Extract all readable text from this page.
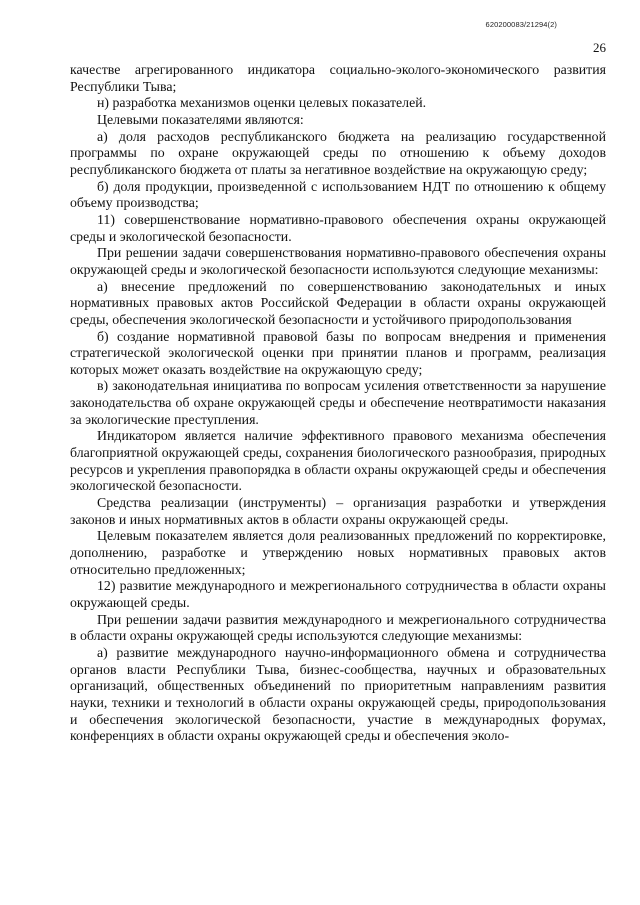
620200083/21294(2)
26

качестве агрегированного индикатора социально-эколого-экономического развития Республики Тыва;

н) разработка механизмов оценки целевых показателей.

Целевыми показателями являются:

а) доля расходов республиканского бюджета на реализацию государственной программы по охране окружающей среды по отношению к объему доходов республиканского бюджета от платы за негативное воздействие на окружающую среду;

б) доля продукции, произведенной с использованием НДТ по отношению к общему объему производства;

11) совершенствование нормативно-правового обеспечения охраны окружающей среды и экологической безопасности.

При решении задачи совершенствования нормативно-правового обеспечения охраны окружающей среды и экологической безопасности используются следующие механизмы:

а) внесение предложений по совершенствованию законодательных и иных нормативных правовых актов Российской Федерации в области охраны окружающей среды, обеспечения экологической безопасности и устойчивого природопользования

б) создание нормативной правовой базы по вопросам внедрения и применения стратегической экологической оценки при принятии планов и программ, реализация которых может оказать воздействие на окружающую среду;

в) законодательная инициатива по вопросам усиления ответственности за нарушение законодательства об охране окружающей среды и обеспечение неотвратимости наказания за экологические преступления.

Индикатором является наличие эффективного правового механизма обеспечения благоприятной окружающей среды, сохранения биологического разнообразия, природных ресурсов и укрепления правопорядка в области охраны окружающей среды и обеспечения экологической безопасности.

Средства реализации (инструменты) – организация разработки и утверждения законов и иных нормативных актов в области охраны окружающей среды.

Целевым показателем является доля реализованных предложений по корректировке, дополнению, разработке и утверждению новых нормативных правовых актов относительно предложенных;

12) развитие международного и межрегионального сотрудничества в области охраны окружающей среды.

При решении задачи развития международного и межрегионального сотрудничества в области охраны окружающей среды используются следующие механизмы:

а) развитие международного научно-информационного обмена и сотрудничества органов власти Республики Тыва, бизнес-сообщества, научных и образовательных организаций, общественных объединений по приоритетным направлениям развития науки, техники и технологий в области охраны окружающей среды, природопользования и обеспечения экологической безопасности, участие в международных форумах, конференциях в области охраны окружающей среды и обеспечения эколо-
